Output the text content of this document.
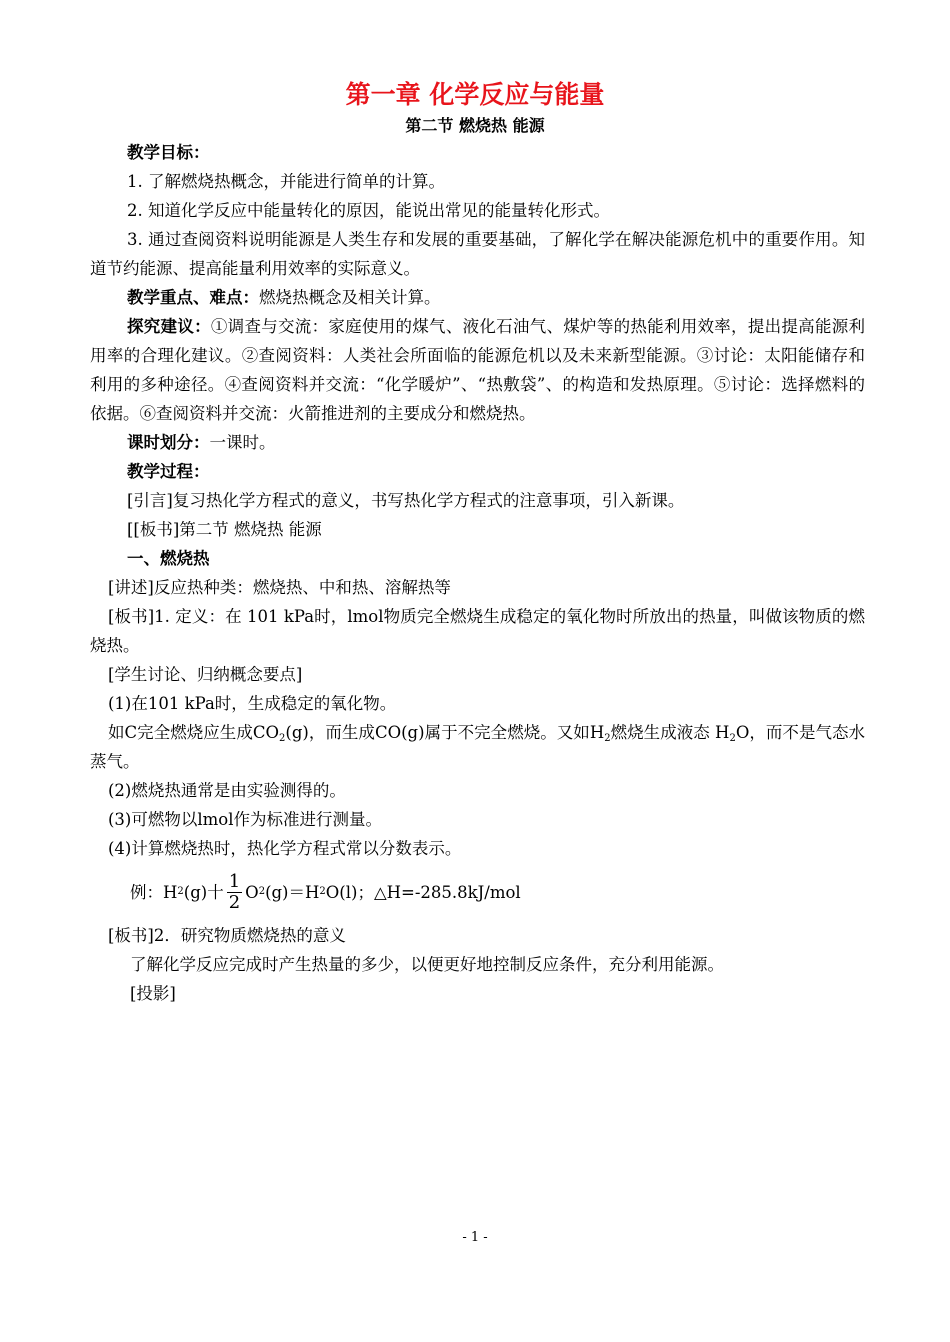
第一章 化学反应与能量
第二节 燃烧热 能源

教学目标：

1. 了解燃烧热概念，并能进行简单的计算。

2. 知道化学反应中能量转化的原因，能说出常见的能量转化形式。

3. 通过查阅资料说明能源是人类生存和发展的重要基础，了解化学在解决能源危机中的重要作用。知道节约能源、提高能量利用效率的实际意义。

教学重点、难点：燃烧热概念及相关计算。

探究建议：①调查与交流：家庭使用的煤气、液化石油气、煤炉等的热能利用效率，提出提高能源利用率的合理化建议。②查阅资料：人类社会所面临的能源危机以及未来新型能源。③讨论：太阳能储存和利用的多种途径。④查阅资料并交流：“化学暖炉”、“热敷袋”、的构造和发热原理。⑤讨论：选择燃料的依据。⑥查阅资料并交流：火箭推进剂的主要成分和燃烧热。

课时划分：一课时。

教学过程：

[引言]复习热化学方程式的意义，书写热化学方程式的注意事项，引入新课。

[[板书]第二节 燃烧热 能源

一、燃烧热

[讲述]反应热种类：燃烧热、中和热、溶解热等

[板书]1. 定义：在 101 kPa时，lmol物质完全燃烧生成稳定的氧化物时所放出的热量，叫做该物质的燃烧热。

[学生讨论、归纳概念要点]

(1)在101 kPa时，生成稳定的氧化物。

如C完全燃烧应生成$CO_2(g)$，而生成CO(g)属于不完全燃烧。又如$H_2$燃烧生成液态 $H_2O$，而不是气态水蒸气。

(2)燃烧热通常是由实验测得的。

(3)可燃物以lmol作为标准进行测量。

(4)计算燃烧热时，热化学方程式常以分数表示。

例：H 2 (g)十 $\frac{1}{2}$ O 2 (g)＝H 2 O(l)；△H=-285.8kJ/mol

[板书]2．研究物质燃烧热的意义

了解化学反应完成时产生热量的多少，以便更好地控制反应条件，充分利用能源。

[投影]

- 1 -
